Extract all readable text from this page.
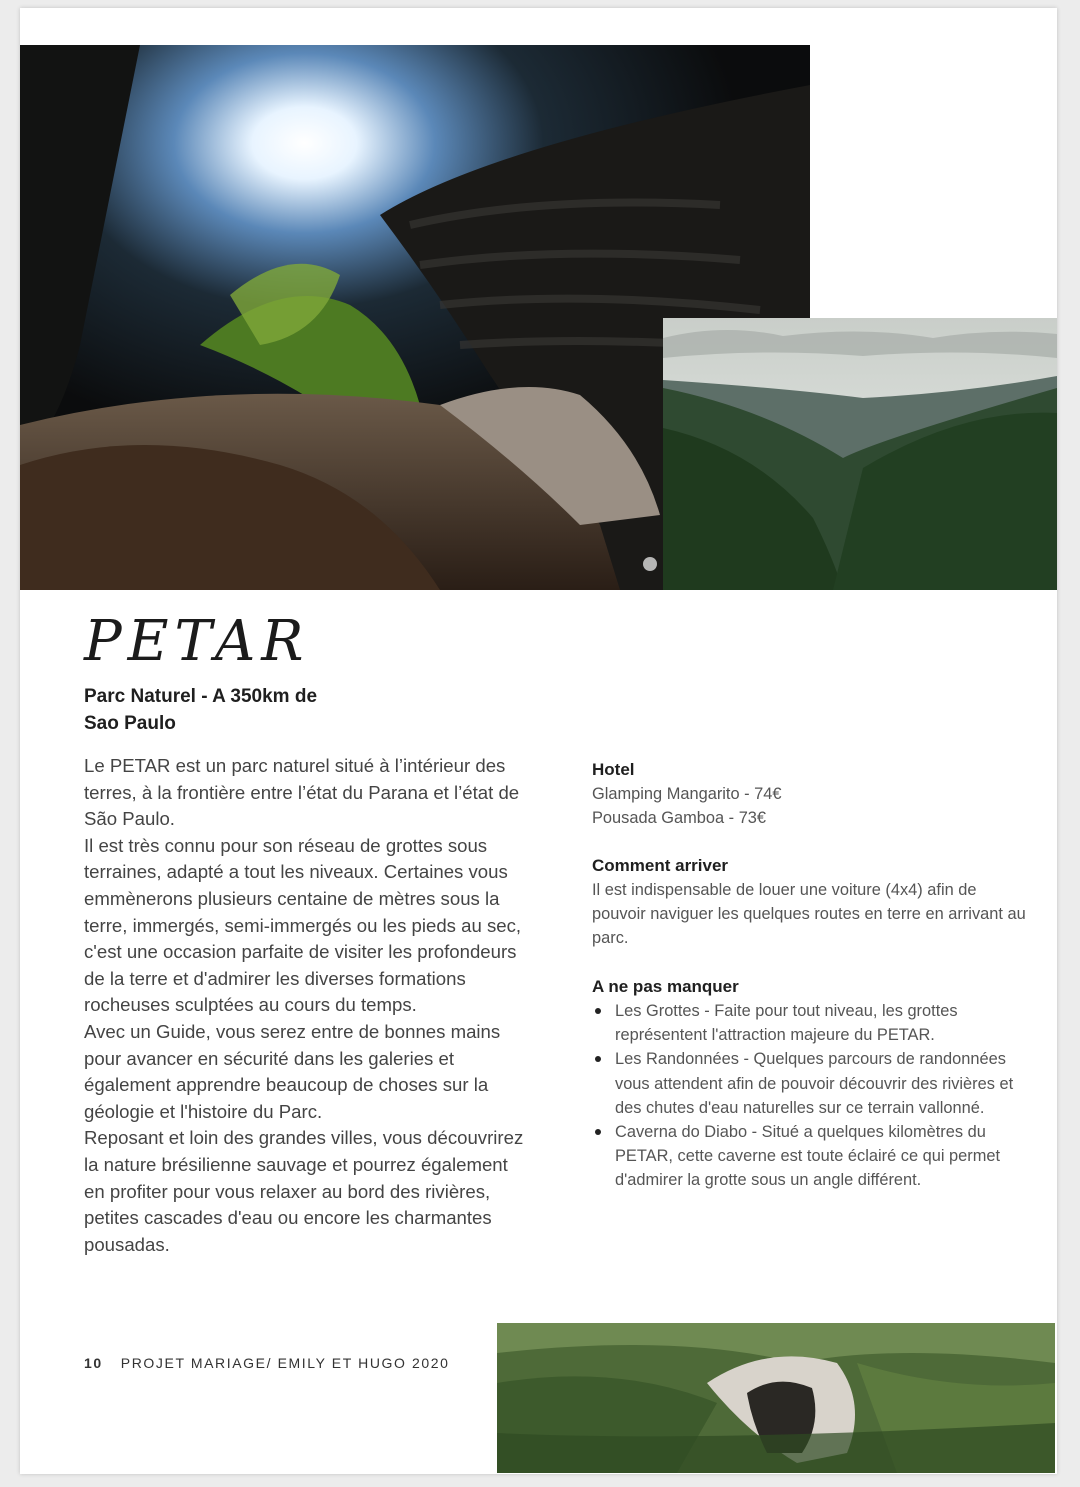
PETAR
Parc Naturel - A 350km de
Sao Paulo

Le PETAR est un parc naturel situé à l’intérieur des terres, à la frontière entre l’état du Parana et l’état de São Paulo.

Il est très connu pour son réseau de grottes sous terraines, adapté a tout les niveaux. Certaines vous emmènerons plusieurs centaine de mètres sous la terre, immergés, semi-immergés ou les pieds au sec, c'est une occasion parfaite de visiter les profondeurs de la terre et d'admirer les diverses formations rocheuses sculptées au cours du temps.

Avec un Guide, vous serez entre de bonnes mains pour avancer en sécurité dans les galeries et également apprendre beaucoup de choses sur la géologie et l'histoire du Parc.

Reposant et loin des grandes villes, vous découvrirez la nature brésilienne sauvage et pourrez également en profiter pour vous relaxer au bord des rivières, petites cascades d'eau ou encore les charmantes pousadas.

Hotel
Glamping Mangarito - 74€
Pousada Gamboa - 73€
Comment arriver
Il est indispensable de louer une voiture (4x4) afin de pouvoir naviguer les quelques routes en terre en arrivant au parc.
A ne pas manquer
Les Grottes - Faite pour tout niveau, les grottes représentent l'attraction majeure du PETAR.
Les Randonnées - Quelques parcours de randonnées vous attendent afin de pouvoir découvrir des rivières et des chutes d'eau naturelles sur ce terrain vallonné.
Caverna do Diabo - Situé a quelques kilomètres du PETAR, cette caverne est toute éclairé ce qui permet d'admirer la grotte sous un angle différent.
10 PROJET MARIAGE/ EMILY ET HUGO 2020
